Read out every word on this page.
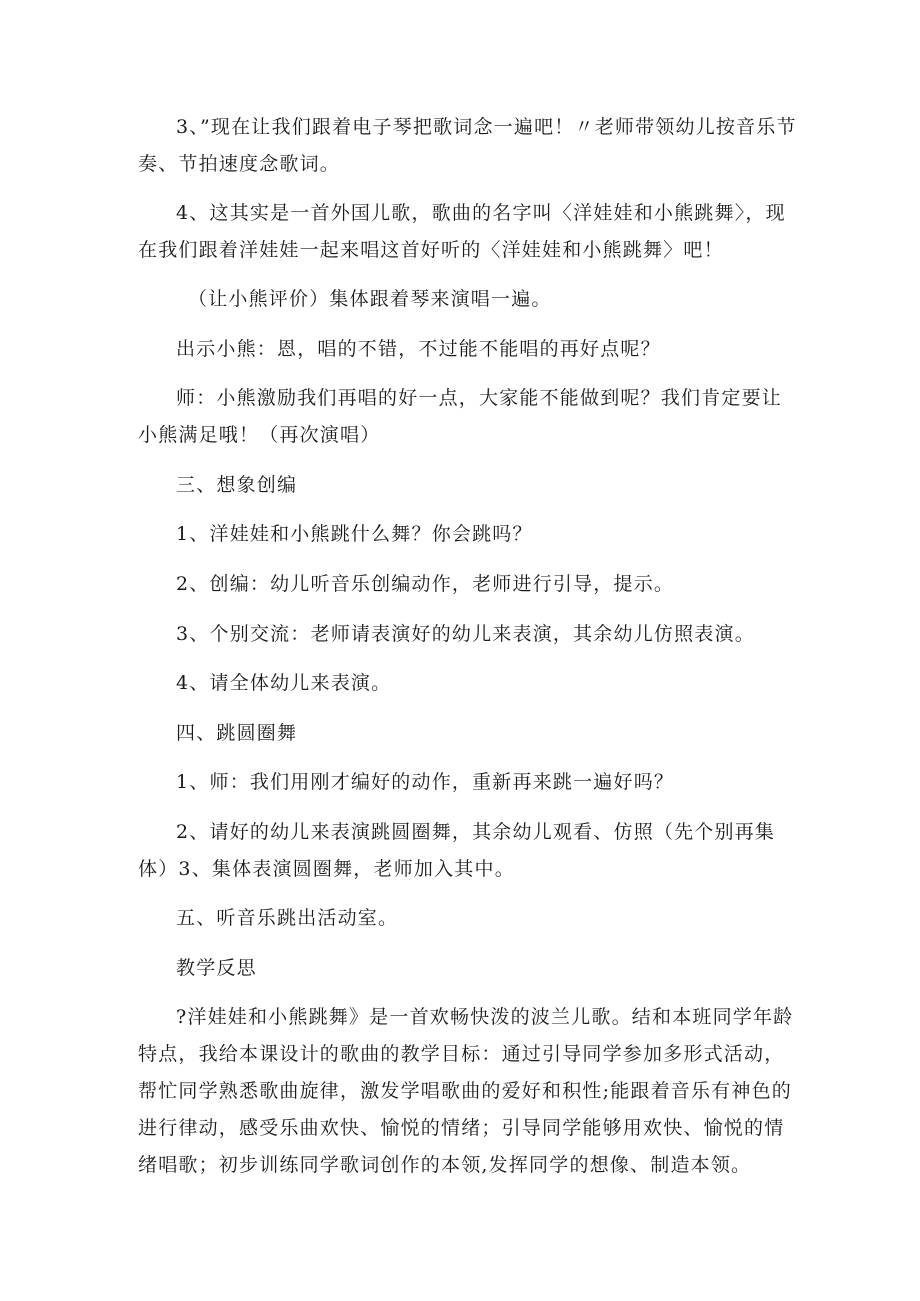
3、”现在让我们跟着电子琴把歌词念一遍吧！〃老师带领幼儿按音乐节奏、节拍速度念歌词。

4、这其实是一首外国儿歌，歌曲的名字叫〈洋娃娃和小熊跳舞〉，现在我们跟着洋娃娃一起来唱这首好听的〈洋娃娃和小熊跳舞〉吧！

（让小熊评价）集体跟着琴来演唱一遍。

出示小熊：恩，唱的不错，不过能不能唱的再好点呢？

师：小熊激励我们再唱的好一点，大家能不能做到呢？我们肯定要让小熊满足哦！（再次演唱）

三、想象创编

1、洋娃娃和小熊跳什么舞？你会跳吗？

2、创编：幼儿听音乐创编动作，老师进行引导，提示。

3、个别交流：老师请表演好的幼儿来表演，其余幼儿仿照表演。

4、请全体幼儿来表演。

四、跳圆圈舞

1、师：我们用刚才编好的动作，重新再来跳一遍好吗？

2、请好的幼儿来表演跳圆圈舞，其余幼儿观看、仿照（先个别再集体）3、集体表演圆圈舞，老师加入其中。

五、听音乐跳出活动室。

教学反思

?洋娃娃和小熊跳舞》是一首欢畅快泼的波兰儿歌。结和本班同学年龄特点，我给本课设计的歌曲的教学目标：通过引导同学参加多形式活动，帮忙同学熟悉歌曲旋律，激发学唱歌曲的爱好和积性;能跟着音乐有神色的进行律动，感受乐曲欢快、愉悦的情绪；引导同学能够用欢快、愉悦的情绪唱歌；初步训练同学歌词创作的本领,发挥同学的想像、制造本领。
